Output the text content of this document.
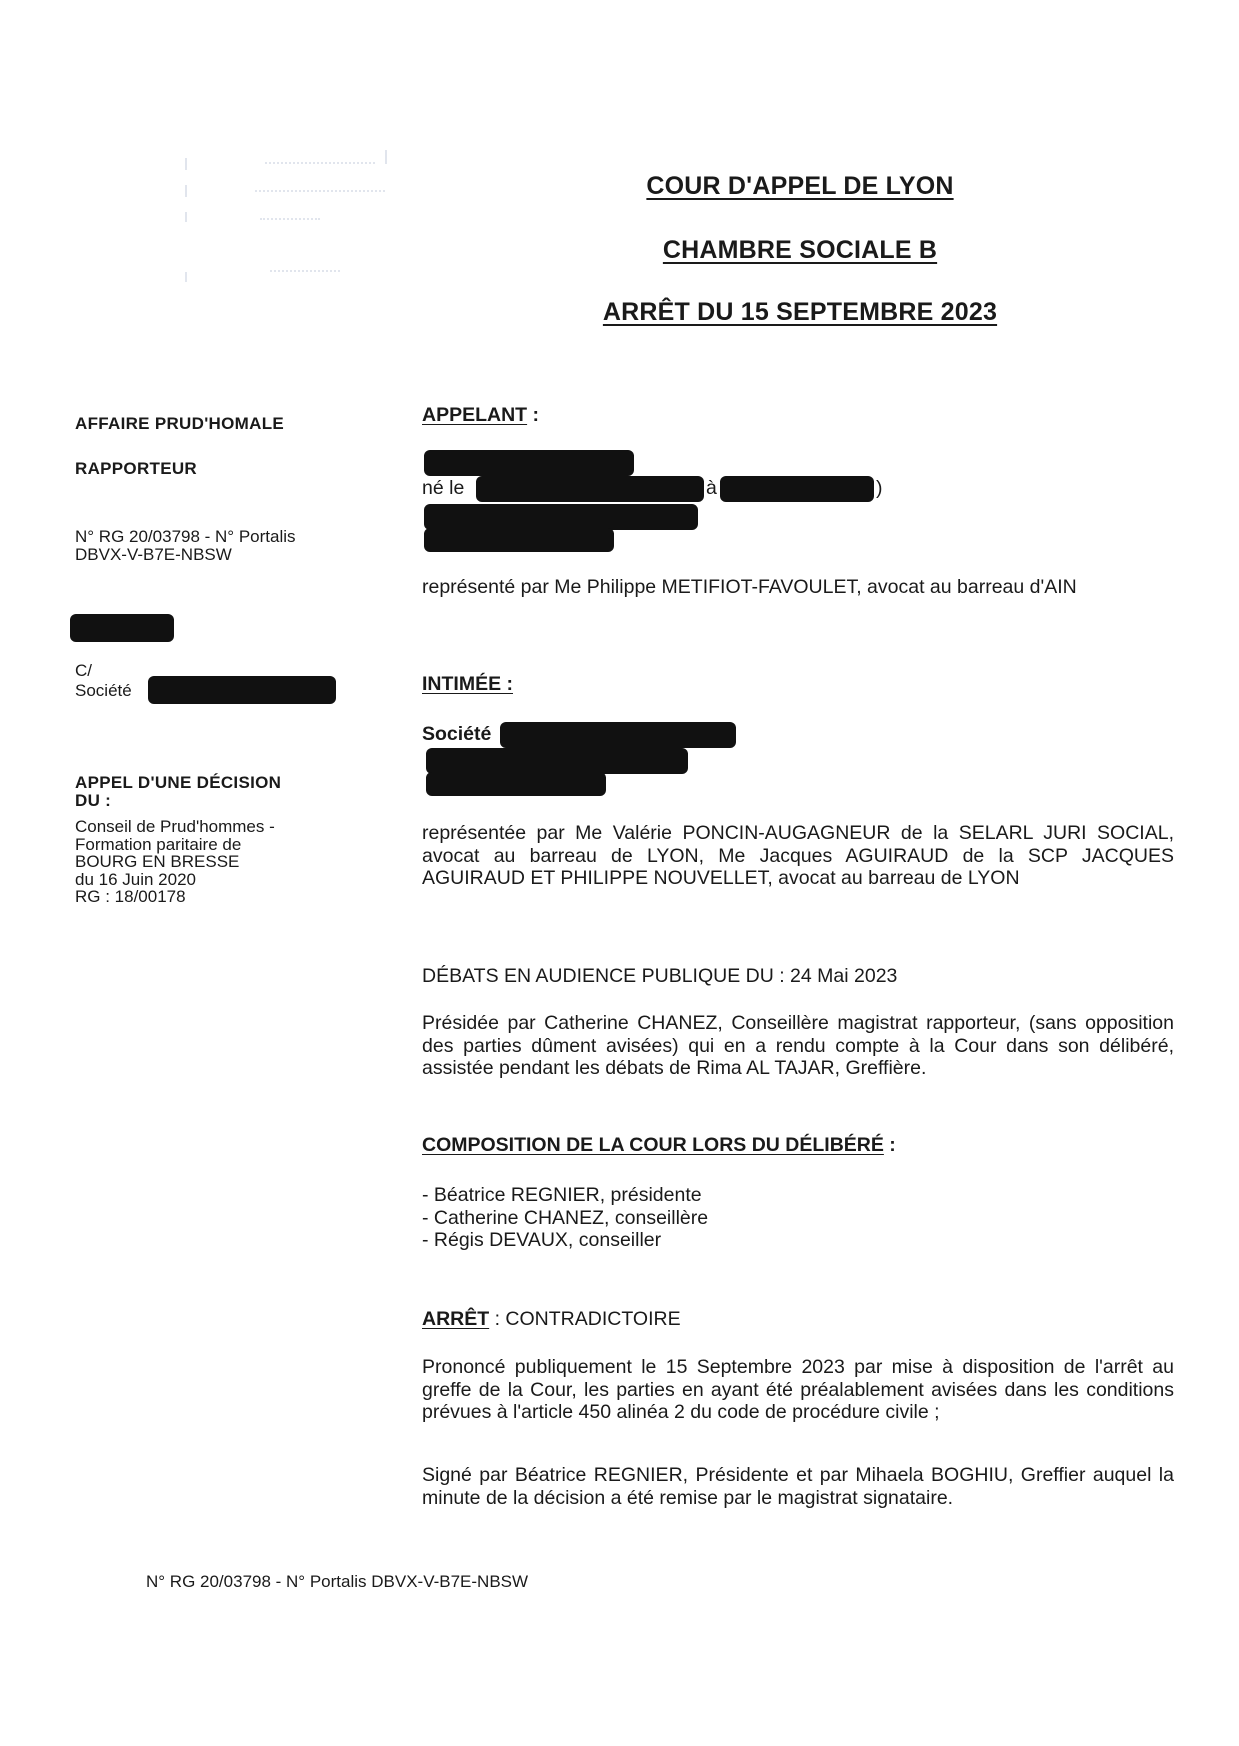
COUR D'APPEL DE LYON
CHAMBRE SOCIALE B
ARRÊT DU 15 SEPTEMBRE 2023
AFFAIRE PRUD'HOMALE
RAPPORTEUR
N° RG 20/03798 - N° Portalis
DBVX-V-B7E-NBSW
C/
Société
APPEL D'UNE DÉCISION
DU :
Conseil de Prud'hommes -
Formation paritaire de
BOURG EN BRESSE
du 16 Juin 2020
RG : 18/00178
APPELANT :
né le	à	)
représenté par Me Philippe METIFIOT-FAVOULET, avocat au barreau d'AIN
INTIMÉE :
Société
représentée par Me Valérie PONCIN-AUGAGNEUR de la SELARL JURI SOCIAL, avocat au barreau de LYON, Me Jacques AGUIRAUD de la SCP JACQUES AGUIRAUD ET PHILIPPE NOUVELLET, avocat au barreau de LYON
DÉBATS EN AUDIENCE PUBLIQUE DU : 24 Mai 2023
Présidée par Catherine CHANEZ, Conseillère magistrat rapporteur, (sans opposition des parties dûment avisées) qui en a rendu compte à la Cour dans son délibéré, assistée pendant les débats de Rima AL TAJAR, Greffière.
COMPOSITION DE LA COUR LORS DU DÉLIBÉRÉ :
- Béatrice REGNIER, présidente
- Catherine CHANEZ, conseillère
- Régis DEVAUX, conseiller
ARRÊT : CONTRADICTOIRE
Prononcé publiquement le 15 Septembre 2023 par mise à disposition de l'arrêt au greffe de la Cour, les parties en ayant été préalablement avisées dans les conditions prévues à l'article 450 alinéa 2 du code de procédure civile ;
Signé par Béatrice REGNIER, Présidente et par Mihaela BOGHIU, Greffier auquel la minute de la décision a été remise par le magistrat signataire.
N° RG 20/03798 - N° Portalis DBVX-V-B7E-NBSW
